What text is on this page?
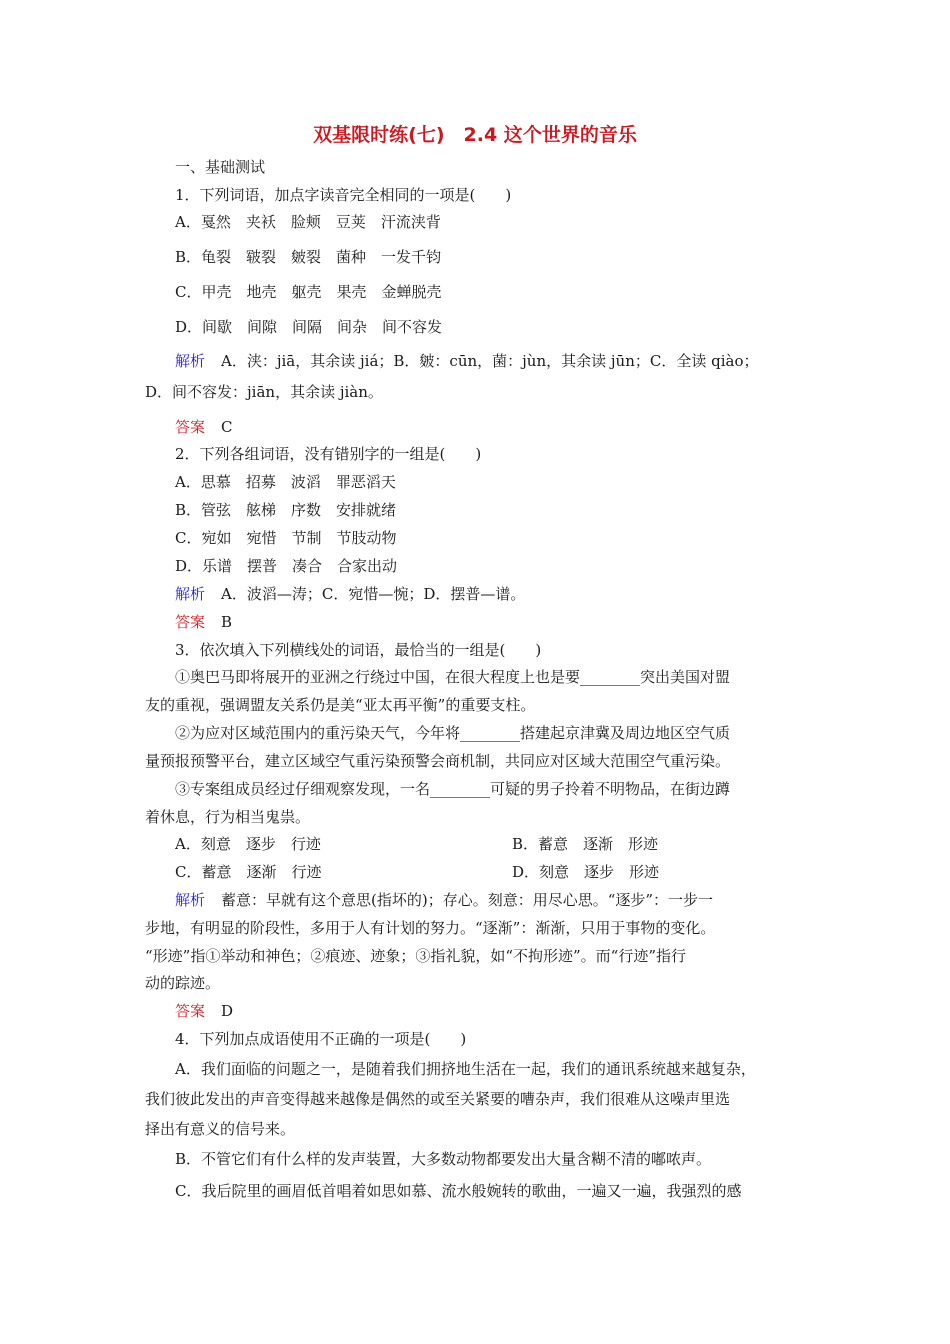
双基限时练(七)　2.4 这个世界的音乐
一、基础测试
1．下列词语，加点字读音完全相同的一项是(　　)
A．戛然　夹袄　脸颊　豆荚　汗流浃背
B．龟裂　皲裂　皴裂　菌种　一发千钧
C．甲壳　地壳　躯壳　果壳　金蝉脱壳
D．间歇　间隙　间隔　间杂　间不容发
解析 A．浃：jiā，其余读 jiá；B．皴：cūn，菌：jùn，其余读 jūn；C．全读 qiào；
D．间不容发：jiān，其余读 jiàn。
答案 C
2．下列各组词语，没有错别字的一组是(　　)
A．思慕　招募　波滔　罪恶滔天
B．管弦　舷梯　序数　安排就绪
C．宛如　宛惜　节制　节肢动物
D．乐谱　摆普　凑合　合家出动
解析 A．波滔—涛；C．宛惜—惋；D．摆普—谱。
答案 B
3．依次填入下列横线处的词语，最恰当的一组是(　　)
①奥巴马即将展开的亚洲之行绕过中国，在很大程度上也是要________突出美国对盟
友的重视，强调盟友关系仍是美“亚太再平衡”的重要支柱。
②为应对区域范围内的重污染天气，今年将________搭建起京津冀及周边地区空气质
量预报预警平台，建立区域空气重污染预警会商机制，共同应对区域大范围空气重污染。
③专案组成员经过仔细观察发现，一名________可疑的男子拎着不明物品，在街边蹲
着休息，行为相当鬼祟。
A．刻意　逐步　行迹	B．蓄意　逐渐　形迹
C．蓄意　逐渐　行迹	D．刻意　逐步　形迹
解析 蓄意：早就有这个意思(指坏的)；存心。刻意：用尽心思。“逐步”：一步一
步地，有明显的阶段性，多用于人有计划的努力。“逐渐”：渐渐，只用于事物的变化。
“形迹”指①举动和神色；②痕迹、迹象；③指礼貌，如“不拘形迹”。而“行迹”指行
动的踪迹。
答案 D
4．下列加点成语使用不正确的一项是(　　)
A．我们面临的问题之一，是随着我们拥挤地生活在一起，我们的通讯系统越来越复杂，
我们彼此发出的声音变得越来越像是偶然的或至关紧要的嘈杂声，我们很难从这噪声里选
择出有意义的信号来。
B．不管它们有什么样的发声装置，大多数动物都要发出大量含糊不清的嘟哝声。
C．我后院里的画眉低首唱着如思如慕、流水般婉转的歌曲，一遍又一遍，我强烈的感
